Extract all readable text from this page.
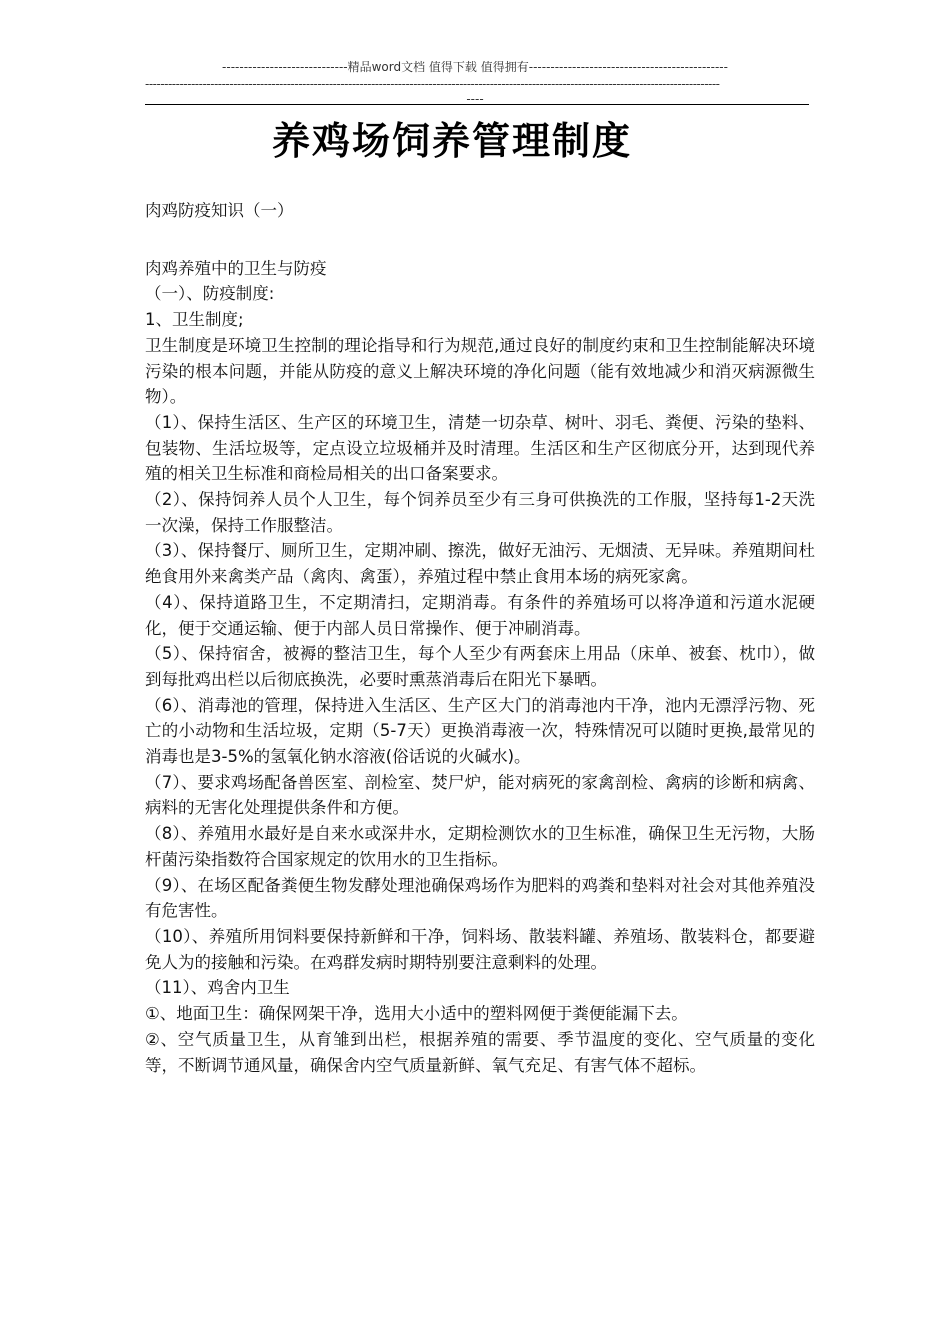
-----------------------------精品word文档 值得下载 值得拥有----------------------------------------------
------------------------------------------------------------------------------------------------------------------------------------------------------
----
养鸡场饲养管理制度

肉鸡防疫知识（一）

肉鸡养殖中的卫生与防疫

（一）、防疫制度:

1、卫生制度;

卫生制度是环境卫生控制的理论指导和行为规范,通过良好的制度约束和卫生控制能解决环境污染的根本问题，并能从防疫的意义上解决环境的净化问题（能有效地减少和消灭病源微生物）。

（1）、保持生活区、生产区的环境卫生，清楚一切杂草、树叶、羽毛、粪便、污染的垫料、包装物、生活垃圾等，定点设立垃圾桶并及时清理。生活区和生产区彻底分开，达到现代养殖的相关卫生标准和商检局相关的出口备案要求。

（2）、保持饲养人员个人卫生，每个饲养员至少有三身可供换洗的工作服，坚持每1-2天洗一次澡，保持工作服整洁。

（3）、保持餐厅、厕所卫生，定期冲刷、擦洗，做好无油污、无烟渍、无异味。养殖期间杜绝食用外来禽类产品（禽肉、禽蛋），养殖过程中禁止食用本场的病死家禽。

（4）、保持道路卫生，不定期清扫，定期消毒。有条件的养殖场可以将净道和污道水泥硬化，便于交通运输、便于内部人员日常操作、便于冲刷消毒。

（5）、保持宿舍，被褥的整洁卫生，每个人至少有两套床上用品（床单、被套、枕巾），做到每批鸡出栏以后彻底换洗，必要时熏蒸消毒后在阳光下暴晒。

（6）、消毒池的管理，保持进入生活区、生产区大门的消毒池内干净，池内无漂浮污物、死亡的小动物和生活垃圾，定期（5-7天）更换消毒液一次，特殊情况可以随时更换,最常见的消毒也是3-5%的氢氧化钠水溶液(俗话说的火碱水)。

（7）、要求鸡场配备兽医室、剖检室、焚尸炉，能对病死的家禽剖检、禽病的诊断和病禽、病料的无害化处理提供条件和方便。

（8）、养殖用水最好是自来水或深井水，定期检测饮水的卫生标准，确保卫生无污物，大肠杆菌污染指数符合国家规定的饮用水的卫生指标。

（9）、在场区配备粪便生物发酵处理池确保鸡场作为肥料的鸡粪和垫料对社会对其他养殖没有危害性。

（10）、养殖所用饲料要保持新鲜和干净，饲料场、散装料罐、养殖场、散装料仓，都要避免人为的接触和污染。在鸡群发病时期特别要注意剩料的处理。

（11）、鸡舍内卫生

①、地面卫生：确保网架干净，选用大小适中的塑料网便于粪便能漏下去。

②、空气质量卫生，从育雏到出栏，根据养殖的需要、季节温度的变化、空气质量的变化等，不断调节通风量，确保舍内空气质量新鲜、氧气充足、有害气体不超标。
